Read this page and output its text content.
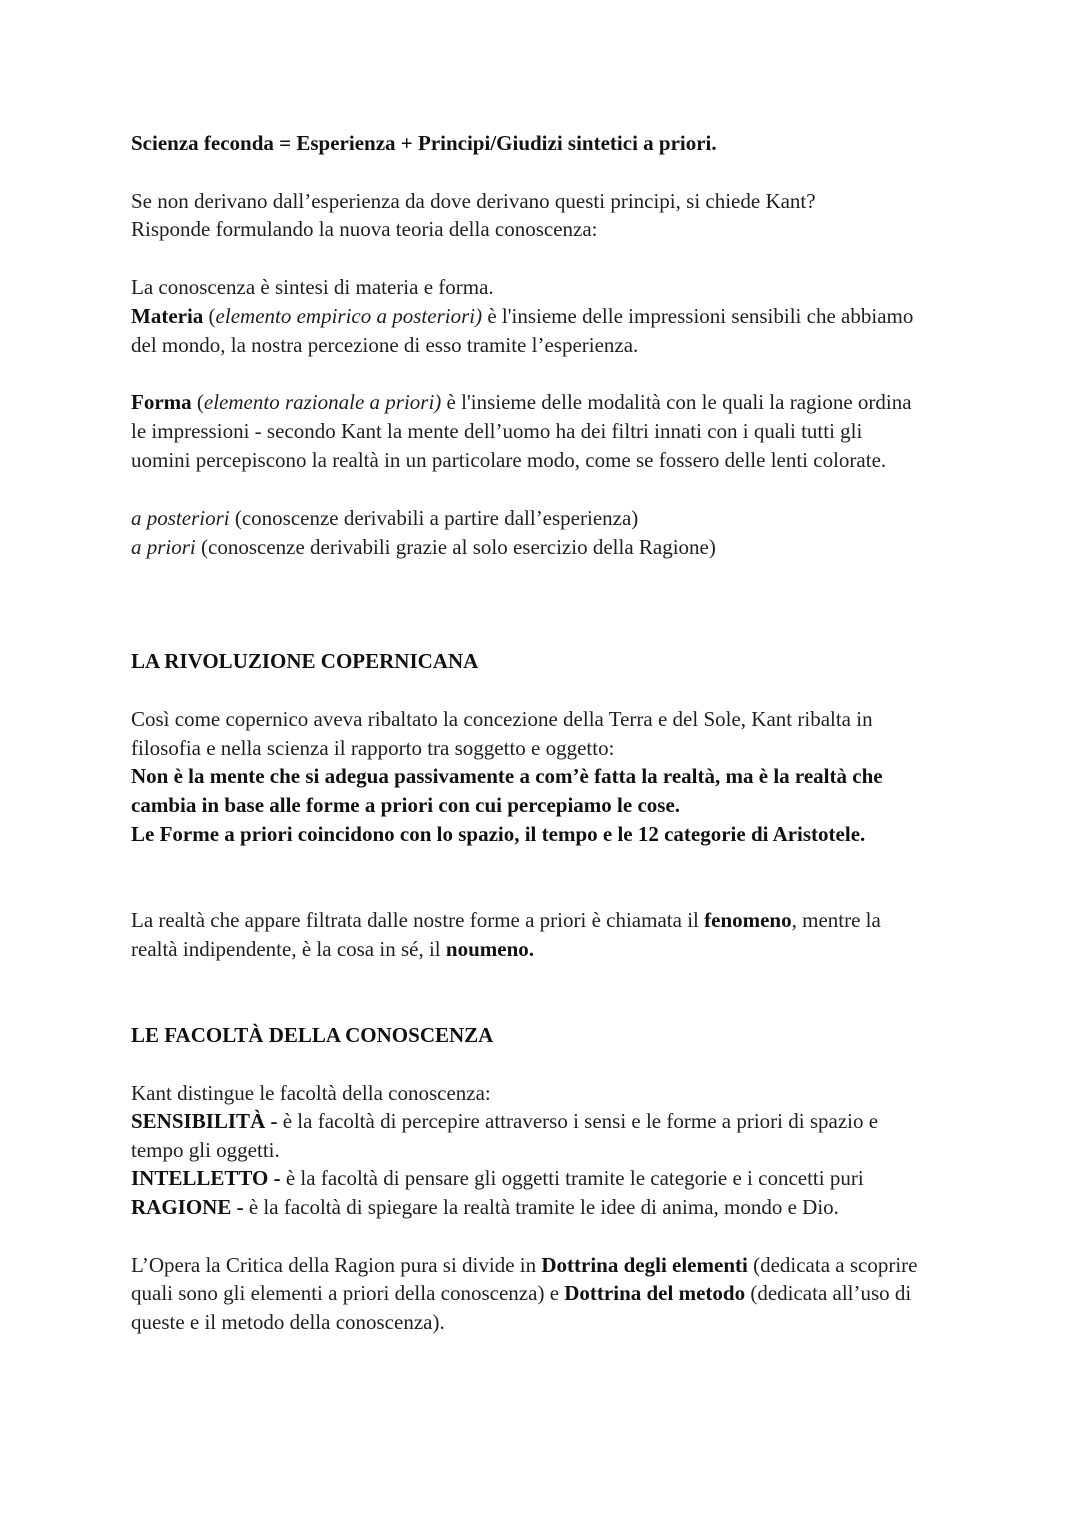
Scienza feconda = Esperienza + Principi/Giudizi sintetici a priori.
Se non derivano dall’esperienza da dove derivano questi principi, si chiede Kant?
Risponde formulando la nuova teoria della conoscenza:
La conoscenza è sintesi di materia e forma.
Materia (elemento empirico a posteriori) è l'insieme delle impressioni sensibili che abbiamo
del mondo, la nostra percezione di esso tramite l’esperienza.
Forma (elemento razionale a priori) è l'insieme delle modalità con le quali la ragione ordina
le impressioni - secondo Kant la mente dell’uomo ha dei filtri innati con i quali tutti gli
uomini percepiscono la realtà in un particolare modo, come se fossero delle lenti colorate.
a posteriori (conoscenze derivabili a partire dall’esperienza)
a priori (conoscenze derivabili grazie al solo esercizio della Ragione)
LA RIVOLUZIONE COPERNICANA
Così come copernico aveva ribaltato la concezione della Terra e del Sole, Kant ribalta in
filosofia e nella scienza il rapporto tra soggetto e oggetto:
Non è la mente che si adegua passivamente a com’è fatta la realtà, ma è la realtà che
cambia in base alle forme a priori con cui percepiamo le cose.
Le Forme a priori coincidono con lo spazio, il tempo e le 12 categorie di Aristotele.
La realtà che appare filtrata dalle nostre forme a priori è chiamata il fenomeno, mentre la
realtà indipendente, è la cosa in sé, il noumeno.
LE FACOLTÀ DELLA CONOSCENZA
Kant distingue le facoltà della conoscenza:
SENSIBILITÀ - è la facoltà di percepire attraverso i sensi e le forme a priori di spazio e
tempo gli oggetti.
INTELLETTO - è la facoltà di pensare gli oggetti tramite le categorie e i concetti puri
RAGIONE - è la facoltà di spiegare la realtà tramite le idee di anima, mondo e Dio.
L’Opera la Critica della Ragion pura si divide in Dottrina degli elementi (dedicata a scoprire
quali sono gli elementi a priori della conoscenza) e Dottrina del metodo (dedicata all’uso di
queste e il metodo della conoscenza).
